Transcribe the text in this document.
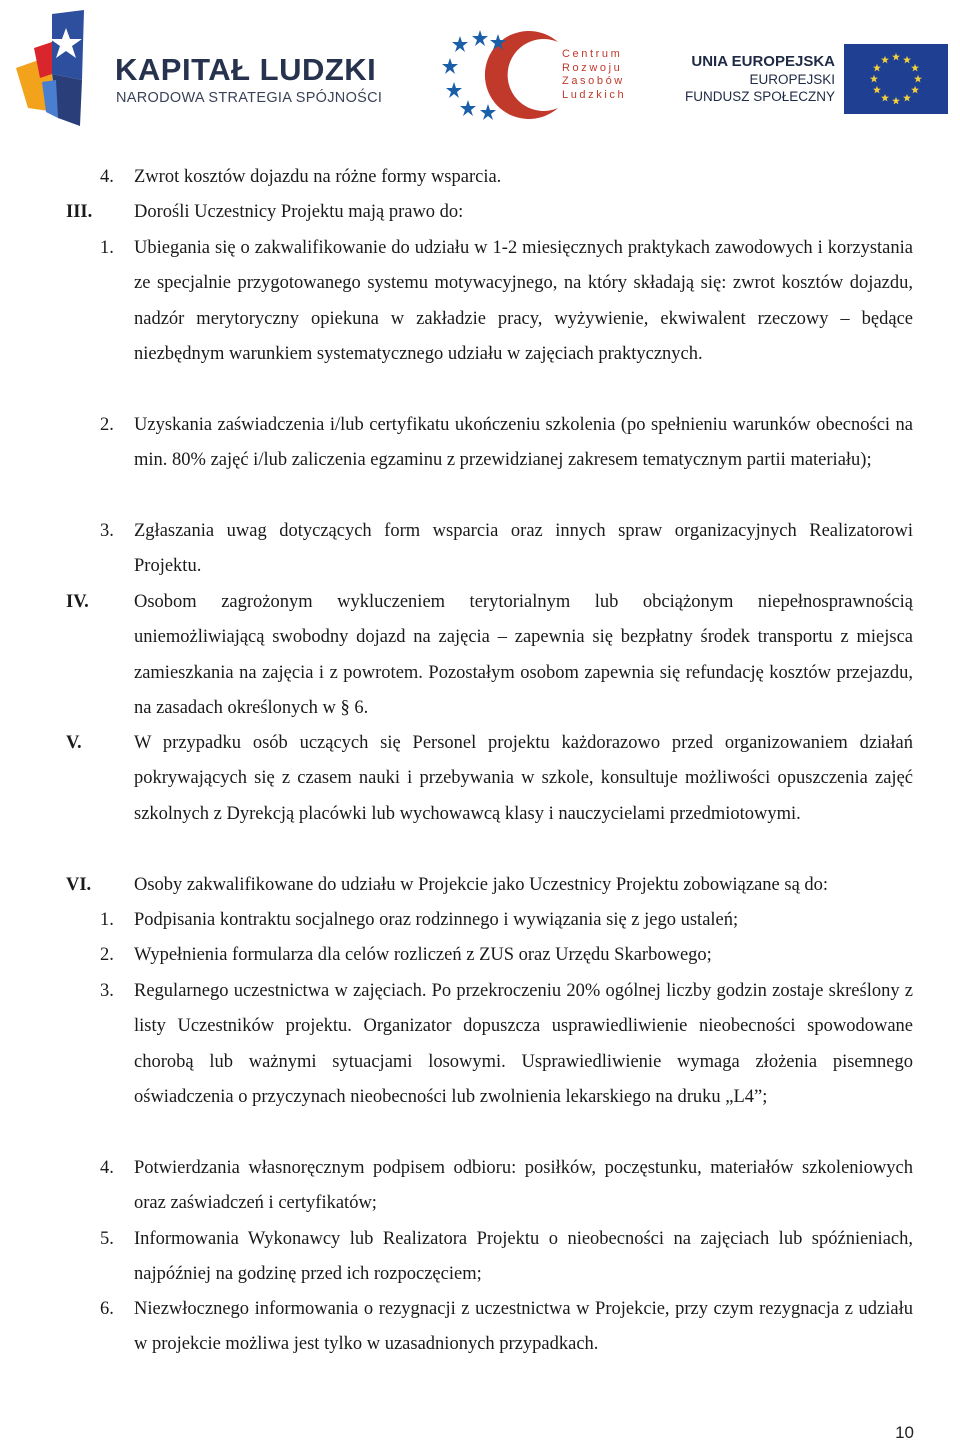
KAPITAŁ LUDZKI
NARODOWA STRATEGIA SPÓJNOŚCI
Centrum
Rozwoju
Zasobów
Ludzkich
UNIA EUROPEJSKA
EUROPEJSKI
FUNDUSZ SPOŁECZNY
4. Zwrot kosztów dojazdu na różne formy wsparcia.
III. Dorośli Uczestnicy Projektu mają prawo do:
1. Ubiegania się o zakwalifikowanie do udziału w 1-2 miesięcznych praktykach zawodowych i korzystania ze specjalnie przygotowanego systemu motywacyjnego, na który składają się: zwrot kosztów dojazdu, nadzór merytoryczny opiekuna w zakładzie pracy, wyżywienie, ekwiwalent rzeczowy – będące niezbędnym warunkiem systematycznego udziału w zajęciach praktycznych.
2. Uzyskania zaświadczenia i/lub certyfikatu ukończeniu szkolenia (po spełnieniu warunków obecności na min. 80% zajęć i/lub zaliczenia egzaminu z przewidzianej zakresem tematycznym partii materiału);
3. Zgłaszania uwag dotyczących form wsparcia oraz innych spraw organizacyjnych Realizatorowi Projektu.
IV. Osobom zagrożonym wykluczeniem terytorialnym lub obciążonym niepełnosprawnością uniemożliwiającą swobodny dojazd na zajęcia – zapewnia się bezpłatny środek transportu z miejsca zamieszkania na zajęcia i z powrotem. Pozostałym osobom zapewnia się refundację kosztów przejazdu, na zasadach określonych w § 6.
V.	W przypadku osób uczących się Personel projektu każdorazowo przed organizowaniem działań pokrywających się z czasem nauki i przebywania w szkole, konsultuje możliwości opuszczenia zajęć szkolnych z Dyrekcją placówki lub wychowawcą klasy i nauczycielami przedmiotowymi.
VI. Osoby zakwalifikowane do udziału w Projekcie jako Uczestnicy Projektu zobowiązane są do:
1. Podpisania kontraktu socjalnego oraz rodzinnego i wywiązania się z jego ustaleń;
2. Wypełnienia formularza dla celów rozliczeń z ZUS oraz Urzędu Skarbowego;
3. Regularnego uczestnictwa w zajęciach. Po przekroczeniu 20% ogólnej liczby godzin zostaje skreślony z listy Uczestników projektu. Organizator dopuszcza usprawiedliwienie nieobecności spowodowane chorobą lub ważnymi sytuacjami losowymi. Usprawiedliwienie wymaga złożenia pisemnego oświadczenia o przyczynach nieobecności lub zwolnienia lekarskiego na druku „L4”;
4. Potwierdzania własnoręcznym podpisem odbioru: posiłków, poczęstunku, materiałów szkoleniowych oraz zaświadczeń i certyfikatów;
5. Informowania Wykonawcy lub Realizatora Projektu o nieobecności na zajęciach lub spóźnieniach, najpóźniej na godzinę przed ich rozpoczęciem;
6. Niezwłocznego informowania o rezygnacji z uczestnictwa w Projekcie, przy czym rezygnacja z udziału w projekcie możliwa jest tylko w uzasadnionych przypadkach.
10
